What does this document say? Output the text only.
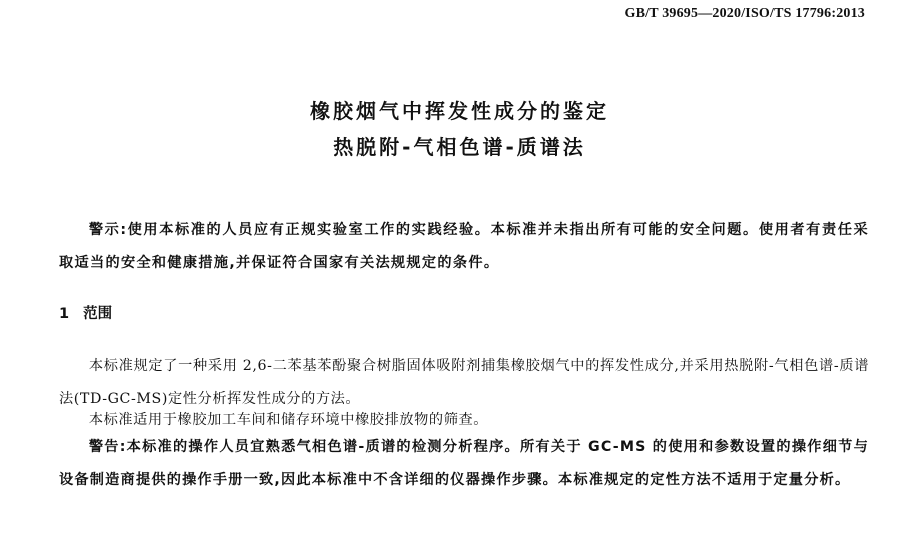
GB/T 39695—2020/ISO/TS 17796:2013
橡胶烟气中挥发性成分的鉴定
热脱附-气相色谱-质谱法
警示:使用本标准的人员应有正规实验室工作的实践经验。本标准并未指出所有可能的安全问题。使用者有责任采取适当的安全和健康措施,并保证符合国家有关法规规定的条件。
1 范围
本标准规定了一种采用 2,6-二苯基苯酚聚合树脂固体吸附剂捕集橡胶烟气中的挥发性成分,并采用热脱附-气相色谱-质谱法(TD-GC-MS)定性分析挥发性成分的方法。
本标准适用于橡胶加工车间和储存环境中橡胶排放物的筛查。
警告:本标准的操作人员宜熟悉气相色谱-质谱的检测分析程序。所有关于 GC-MS 的使用和参数设置的操作细节与设备制造商提供的操作手册一致,因此本标准中不含详细的仪器操作步骤。本标准规定的定性方法不适用于定量分析。
